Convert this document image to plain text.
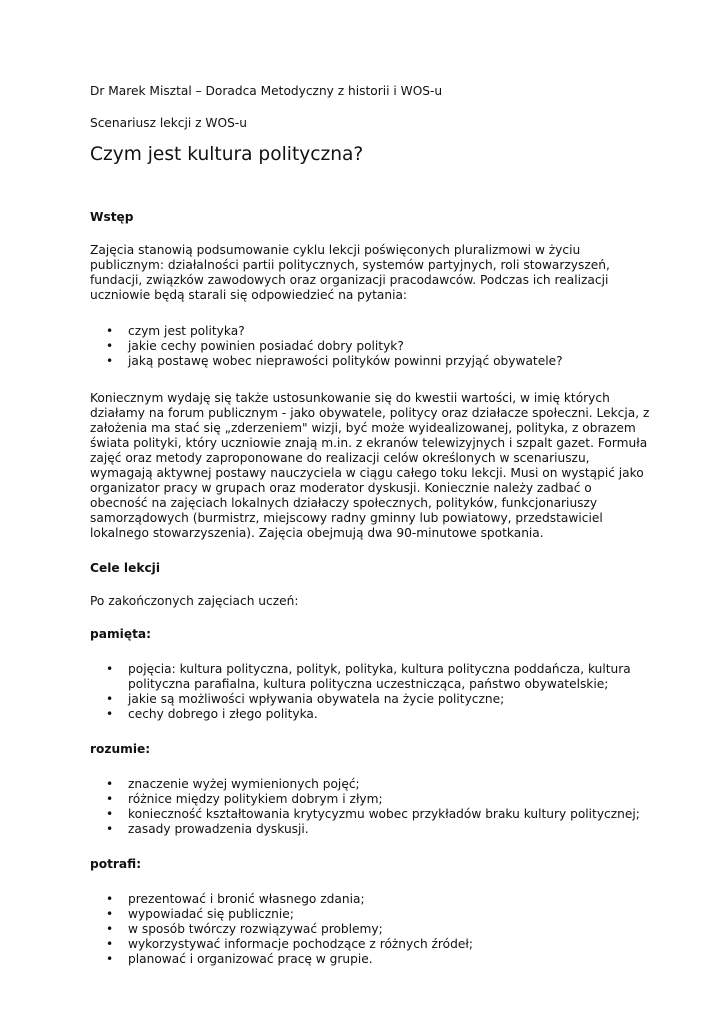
Dr Marek Misztal – Doradca Metodyczny z historii i WOS-u

Scenariusz lekcji z WOS-u

Czym jest kultura polityczna?

Wstęp

Zajęcia stanowią podsumowanie cyklu lekcji poświęconych pluralizmowi w życiu publicznym: działalności partii politycznych, systemów partyjnych, roli stowarzyszeń, fundacji, związków zawodowych oraz organizacji pracodawców. Podczas ich realizacji uczniowie będą starali się odpowiedzieć na pytania:

• czym jest polityka?
• jakie cechy powinien posiadać dobry polityk?
• jaką postawę wobec nieprawości polityków powinni przyjąć obywatele?

Koniecznym wydaję się także ustosunkowanie się do kwestii wartości, w imię których działamy na forum publicznym - jako obywatele, politycy oraz działacze społeczni. Lekcja, z założenia ma stać się „zderzeniem" wizji, być może wyidealizowanej, polityka, z obrazem świata polityki, który uczniowie znają m.in. z ekranów telewizyjnych i szpalt gazet. Formuła zajęć oraz metody zaproponowane do realizacji celów określonych w scenariuszu, wymagają aktywnej postawy nauczyciela w ciągu całego toku lekcji. Musi on wystąpić jako organizator pracy w grupach oraz moderator dyskusji. Koniecznie należy zadbać o obecność na zajęciach lokalnych działaczy społecznych, polityków, funkcjonariuszy samorządowych (burmistrz, miejscowy radny gminny lub powiatowy, przedstawiciel lokalnego stowarzyszenia). Zajęcia obejmują dwa 90-minutowe spotkania.

Cele lekcji

Po zakończonych zajęciach uczeń:

pamięta:

• pojęcia: kultura polityczna, polityk, polityka, kultura polityczna poddańcza, kultura polityczna parafialna, kultura polityczna uczestnicząca, państwo obywatelskie;
• jakie są możliwości wpływania obywatela na życie polityczne;
• cechy dobrego i złego polityka.

rozumie:

• znaczenie wyżej wymienionych pojęć;
• różnice między politykiem dobrym i złym;
• konieczność kształtowania krytycyzmu wobec przykładów braku kultury politycznej;
• zasady prowadzenia dyskusji.

potrafi:

• prezentować i bronić własnego zdania;
• wypowiadać się publicznie;
• w sposób twórczy rozwiązywać problemy;
• wykorzystywać informacje pochodzące z różnych źródeł;
• planować i organizować pracę w grupie.
